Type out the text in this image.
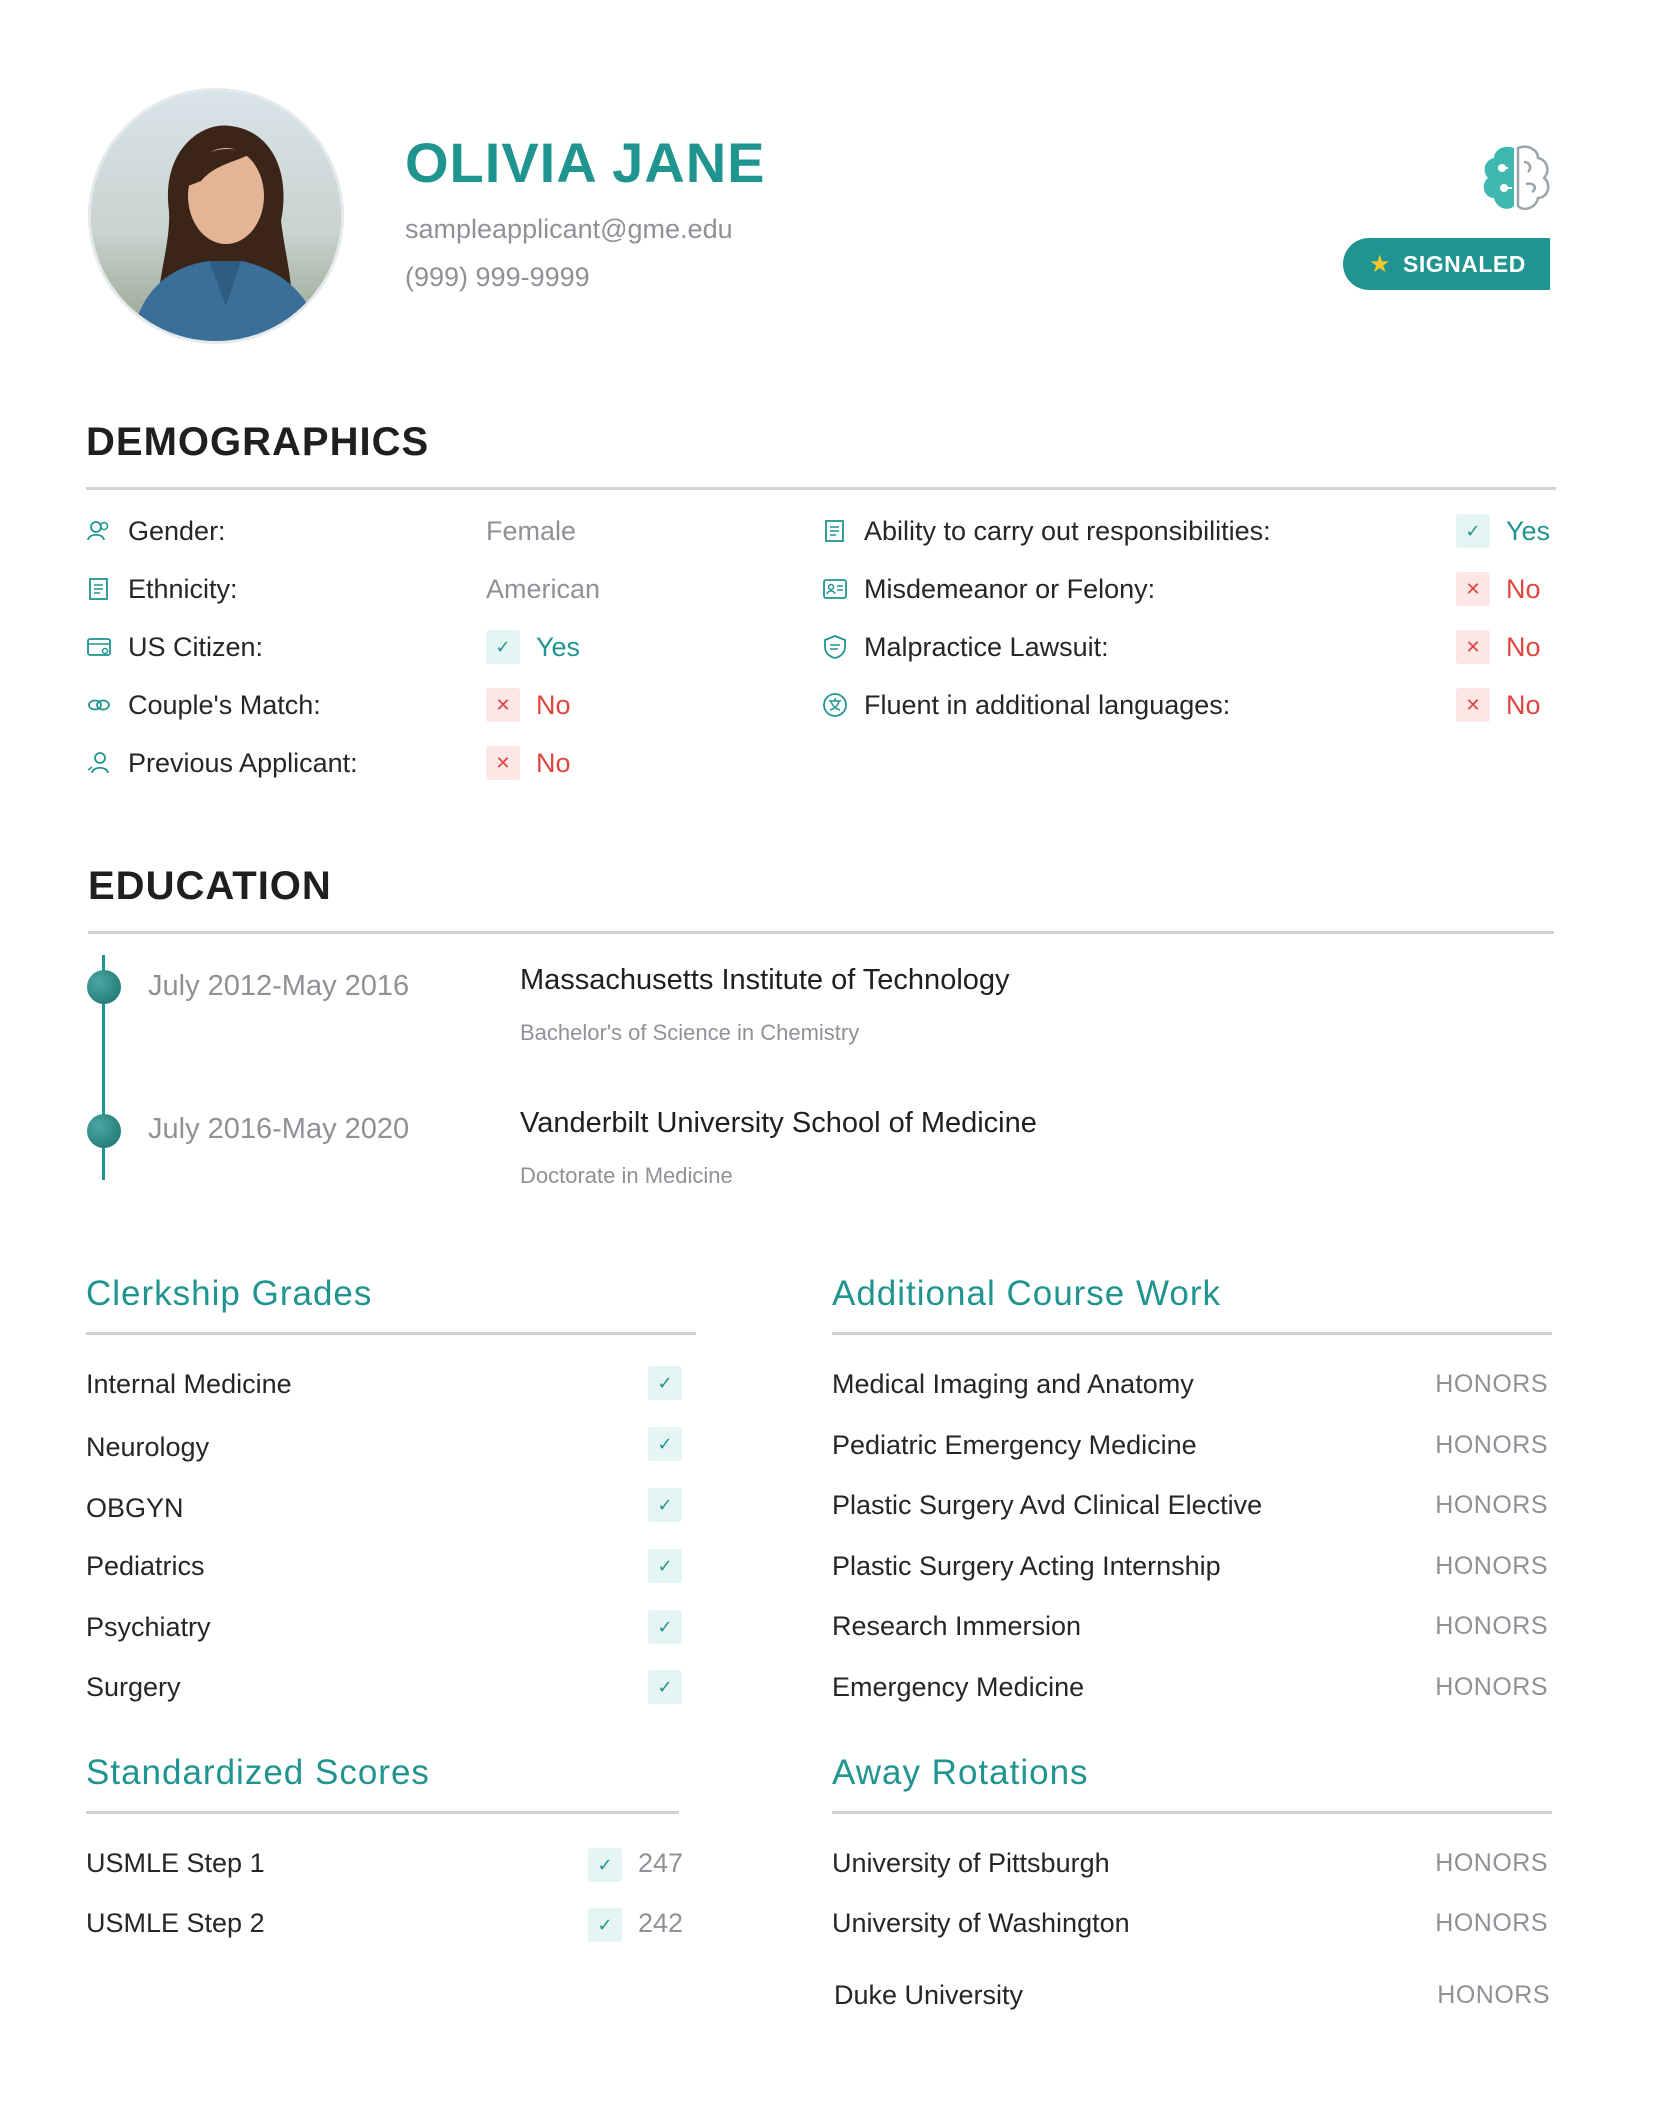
OLIVIA JANE
sampleapplicant@gme.edu
(999) 999-9999	★ SIGNALED
DEMOGRAPHICS
Gender:	Female
Ethnicity:	American
US Citizen:	✓ Yes
Couple's Match:	✕ No
Previous Applicant:	✕ No
Ability to carry out responsibilities:	✓ Yes
Misdemeanor or Felony:	✕ No
Malpractice Lawsuit:	✕ No
Fluent in additional languages:	✕ No
EDUCATION
July 2012-May 2016	Massachusetts Institute of Technology
Bachelor's of Science in Chemistry
July 2016-May 2020	Vanderbilt University School of Medicine
Doctorate in Medicine
Clerkship Grades
Internal Medicine	✓
Neurology	✓
OBGYN	✓
Pediatrics	✓
Psychiatry	✓
Surgery	✓
Additional Course Work
Medical Imaging and Anatomy	HONORS
Pediatric Emergency Medicine	HONORS
Plastic Surgery Avd Clinical Elective	HONORS
Plastic Surgery Acting Internship	HONORS
Research Immersion	HONORS
Emergency Medicine	HONORS
Standardized Scores
USMLE Step 1	✓ 247
USMLE Step 2	✓ 242
Away Rotations
University of Pittsburgh	HONORS
University of Washington	HONORS
Duke University	HONORS
